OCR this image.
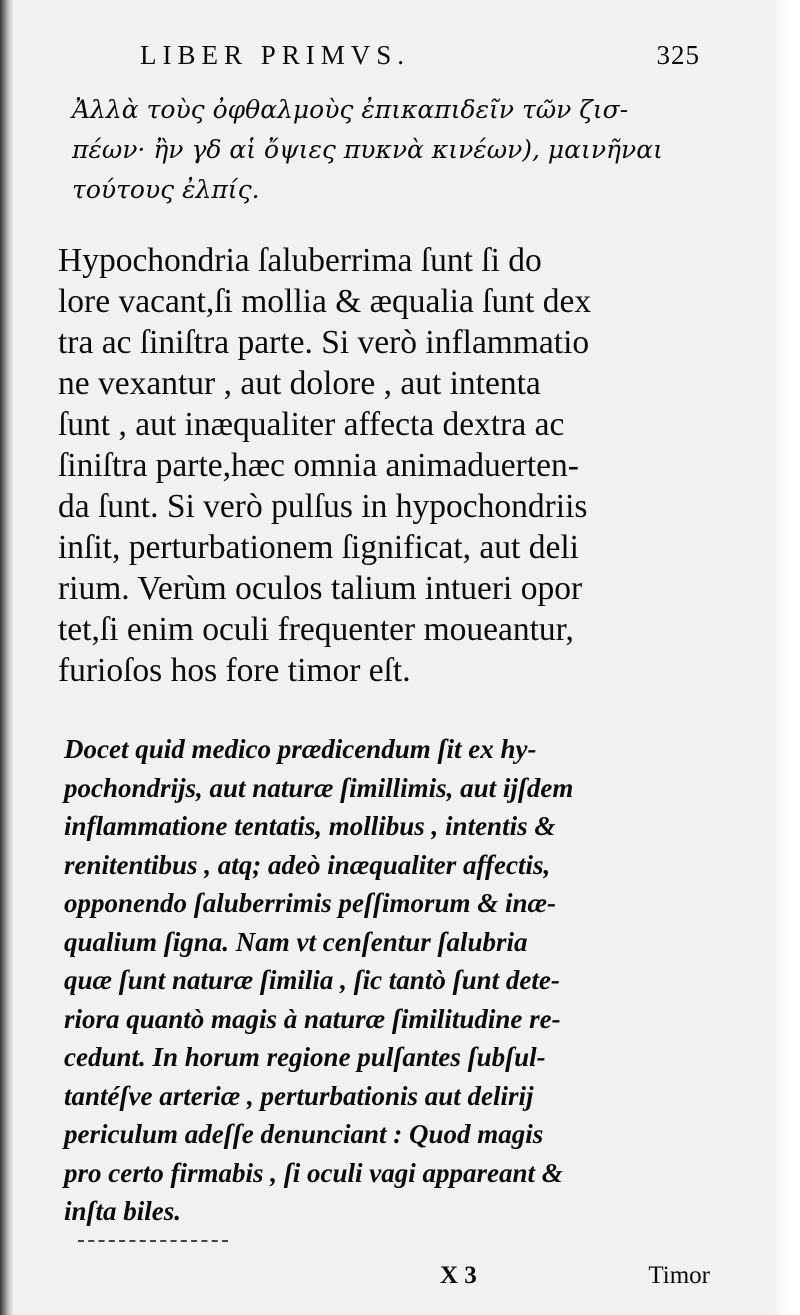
LIBER PRIMVS.	325

Ἀλλὰ τοὺς ὀφθαλμοὺς ἐπικαπιδεῖν τῶν ζισ-

πέων· ἢν γδ αἱ ὄψιες πυκνὰ κινέων), μαινῆναι

τούτους ἐλπίς.

Hypochondria ſaluberrima ſunt ſi do

lore vacant,ſi mollia & æqualia ſunt dex

tra ac ſiniſtra parte. Si verò inflammatio

ne vexantur , aut dolore , aut intenta

ſunt , aut inæqualiter affecta dextra ac

ſiniſtra parte,hæc omnia animaduerten-

da ſunt. Si verò pulſus in hypochondriis

inſit, perturbationem ſignificat, aut deli

rium. Verùm oculos talium intueri opor

tet,ſi enim oculi frequenter moueantur,

furioſos hos fore timor eſt.

Docet quid medico prædicendum ſit ex hy-

pochondrijs, aut naturæ ſimillimis, aut ijſdem

inflammatione tentatis, mollibus , intentis &

renitentibus , atq; adeò inæqualiter affectis,

opponendo ſaluberrimis peſſimorum & inæ-

qualium ſigna. Nam vt cenſentur ſalubria

quæ ſunt naturæ ſimilia , ſic tantò ſunt dete-

riora quantò magis à naturæ ſimilitudine re-

cedunt. In horum regione pulſantes ſubſul-

tantéſve arteriæ , perturbationis aut delirij

periculum adeſſe denunciant : Quod magis

pro certo firmabis , ſi oculi vagi appareant &

inſta biles.

X 3	Timor
